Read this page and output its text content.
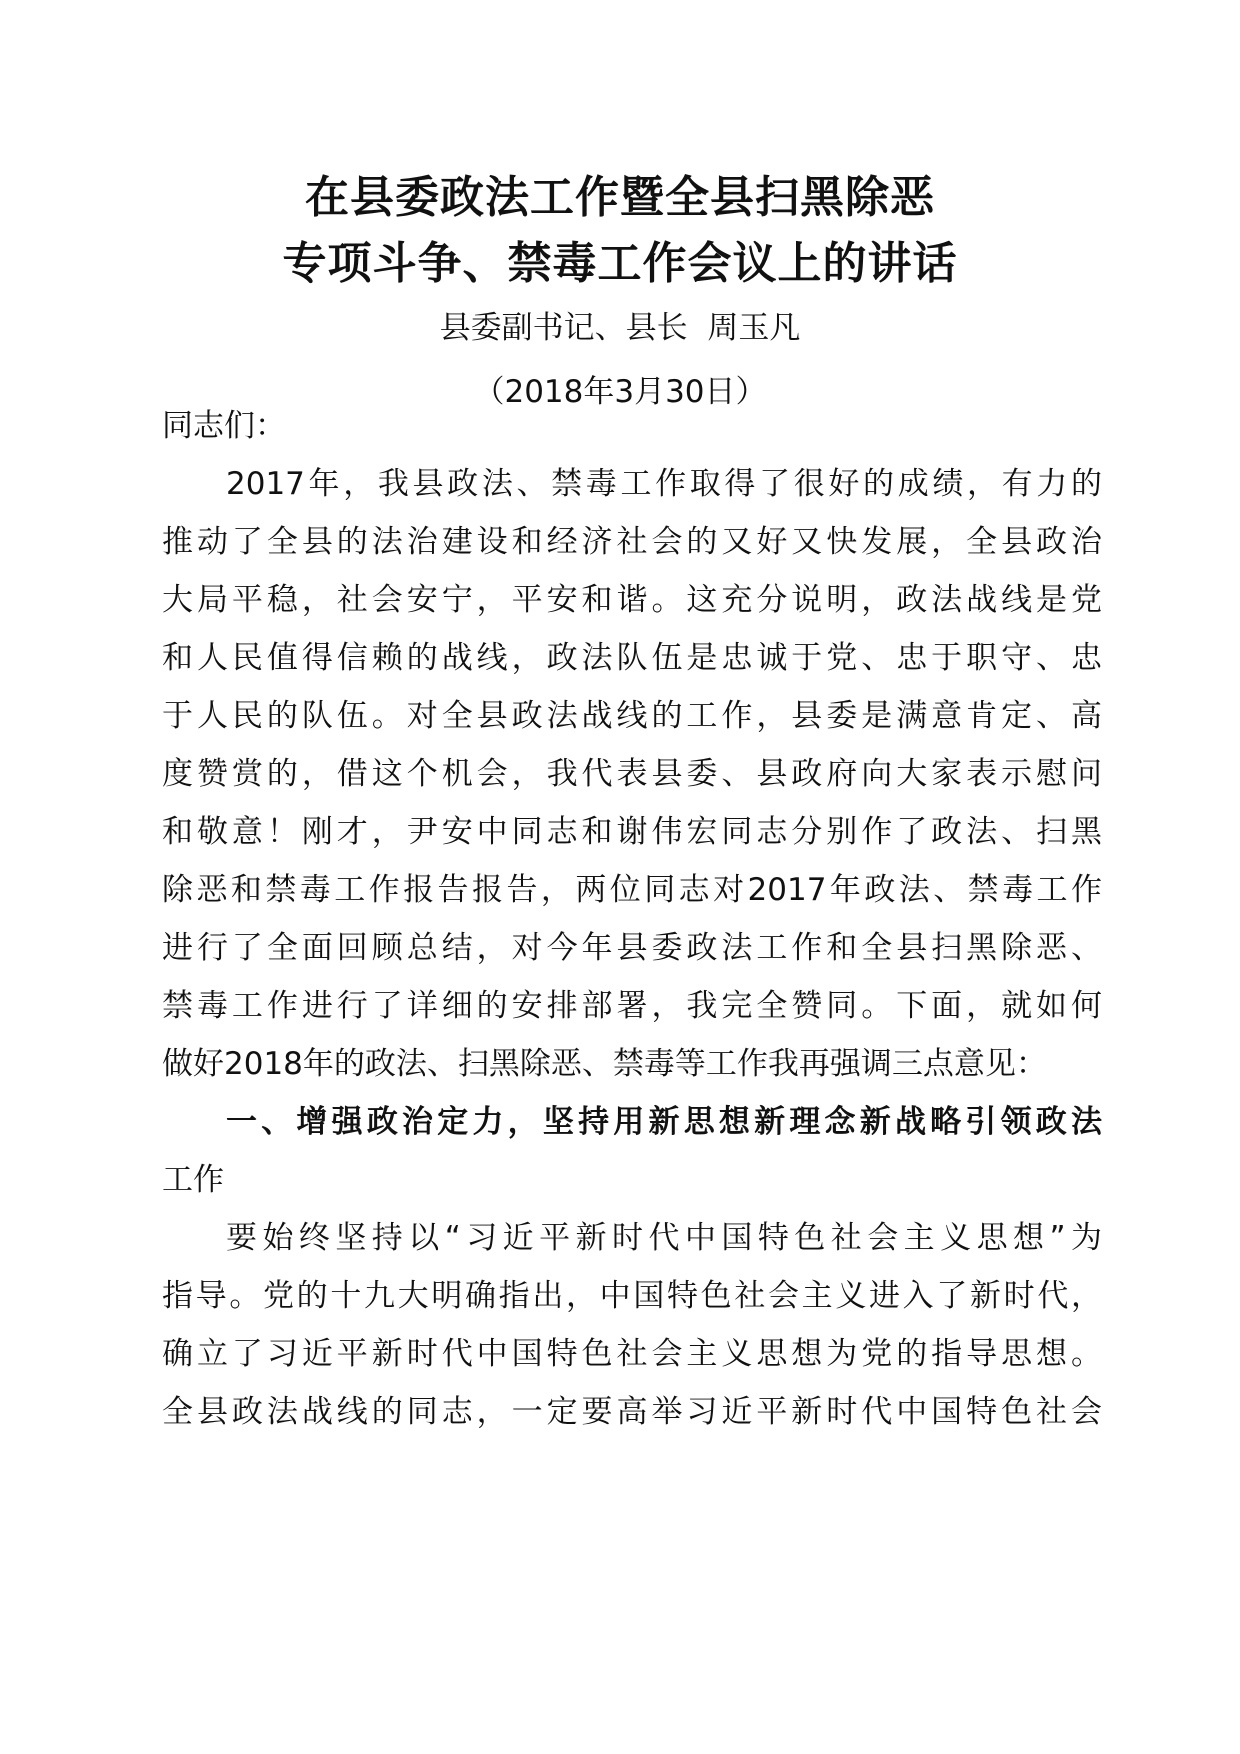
在县委政法工作暨全县扫黑除恶
专项斗争、禁毒工作会议上的讲话
县委副书记、县长  周玉凡
（2018年3月30日）
同志们：
2017年，我县政法、禁毒工作取得了很好的成绩，有力的
推动了全县的法治建设和经济社会的又好又快发展，全县政治
大局平稳，社会安宁，平安和谐。这充分说明，政法战线是党
和人民值得信赖的战线，政法队伍是忠诚于党、忠于职守、忠
于人民的队伍。对全县政法战线的工作，县委是满意肯定、高
度赞赏的，借这个机会，我代表县委、县政府向大家表示慰问
和敬意！刚才，尹安中同志和谢伟宏同志分别作了政法、扫黑
除恶和禁毒工作报告报告，两位同志对2017年政法、禁毒工作
进行了全面回顾总结，对今年县委政法工作和全县扫黑除恶、
禁毒工作进行了详细的安排部署，我完全赞同。下面，就如何
做好2018年的政法、扫黑除恶、禁毒等工作我再强调三点意见：
一、增强政治定力，坚持用新思想新理念新战略引领政法
工作
要始终坚持以“习近平新时代中国特色社会主义思想”为
指导。党的十九大明确指出，中国特色社会主义进入了新时代，
确立了习近平新时代中国特色社会主义思想为党的指导思想。
全县政法战线的同志，一定要高举习近平新时代中国特色社会
